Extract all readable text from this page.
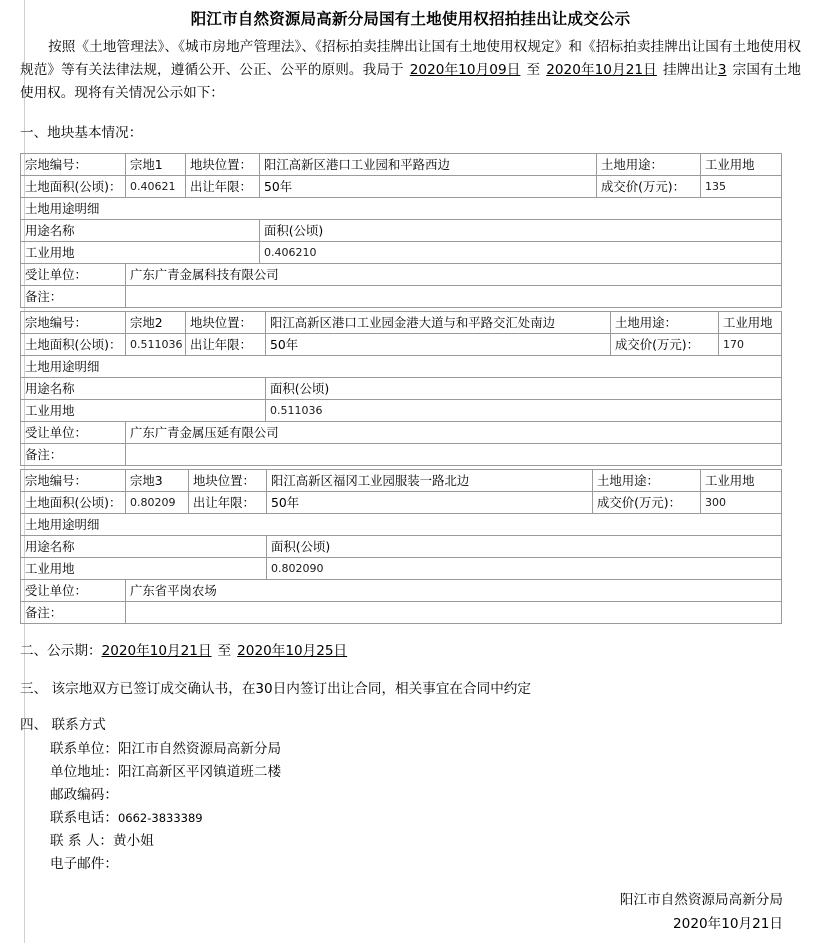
阳江市自然资源局高新分局国有土地使用权招拍挂出让成交公示
按照《土地管理法》、《城市房地产管理法》、《招标拍卖挂牌出让国有土地使用权规定》和《招标拍卖挂牌出让国有土地使用权规范》等有关法律法规，遵循公开、公正、公平的原则。我局于 2020年10月09日 至 2020年10月21日 挂牌出让3 宗国有土地使用权。现将有关情况公示如下：
一、地块基本情况：
宗地编号：	宗地1	地块位置：	阳江高新区港口工业园和平路西边	土地用途：	工业用地
土地面积(公顷)：	0.40621	出让年限：	50年	成交价(万元)：	135
土地用途明细					
用途名称			面积(公顷)		
工业用地			0.406210		
受让单位：	广东广青金属科技有限公司				
备注：					
宗地编号：	宗地2	地块位置：	阳江高新区港口工业园金港大道与和平路交汇处南边	土地用途：	工业用地
土地面积(公顷)：	0.511036	出让年限：	50年	成交价(万元)：	170
土地用途明细					
用途名称			面积(公顷)		
工业用地			0.511036		
受让单位：	广东广青金属压延有限公司				
备注：					
宗地编号：	宗地3	地块位置：	阳江高新区福冈工业园服装一路北边	土地用途：	工业用地
土地面积(公顷)：	0.80209	出让年限：	50年	成交价(万元)：	300
土地用途明细					
用途名称			面积(公顷)		
工业用地			0.802090		
受让单位：	广东省平岗农场				
备注：					
二、公示期：2020年10月21日 至 2020年10月25日
三、 该宗地双方已签订成交确认书，在30日内签订出让合同，相关事宜在合同中约定
四、 联系方式
联系单位：阳江市自然资源局高新分局
单位地址：阳江高新区平冈镇道班二楼
邮政编码：
联系电话：0662-3833389
联 系 人：黄小姐
电子邮件：
阳江市自然资源局高新分局
2020年10月21日
